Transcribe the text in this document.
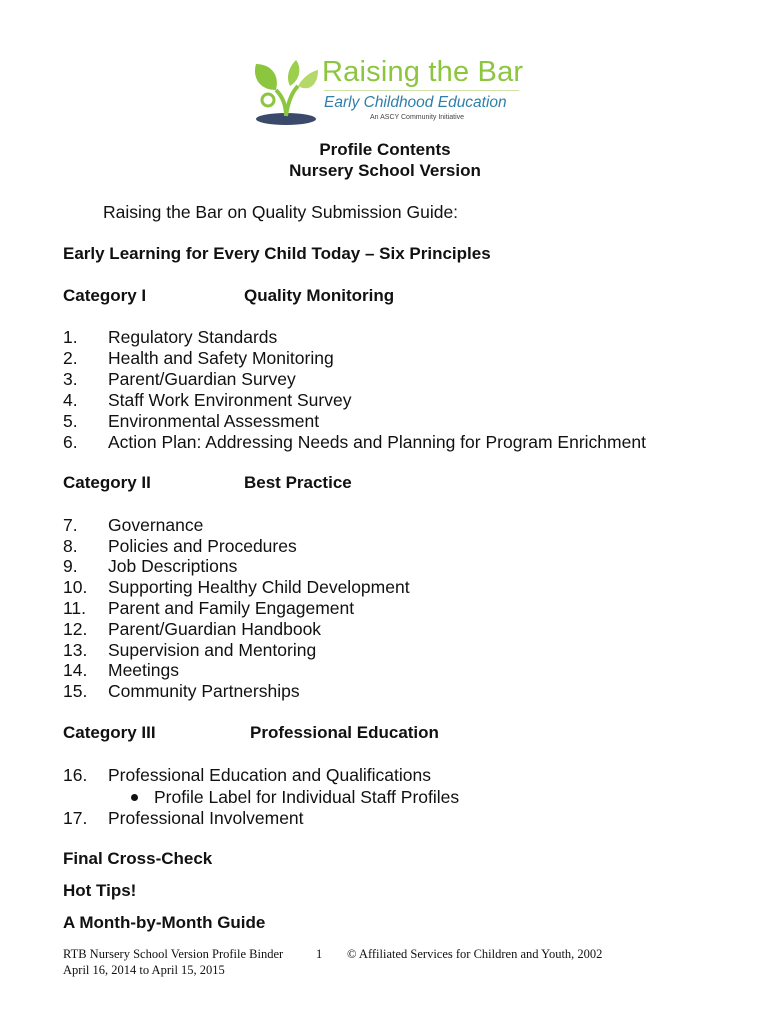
Raising the Bar
Early Childhood Education
An ASCY Community Initiative
Profile Contents
Nursery School Version
Raising the Bar on Quality Submission Guide:
Early Learning for Every Child Today – Six Principles
Category I	Quality Monitoring
1. Regulatory Standards
2. Health and Safety Monitoring
3. Parent/Guardian Survey
4. Staff Work Environment Survey
5. Environmental Assessment
6. Action Plan: Addressing Needs and Planning for Program Enrichment
Category II	Best Practice
7. Governance
8. Policies and Procedures
9. Job Descriptions
10. Supporting Healthy Child Development
11. Parent and Family Engagement
12. Parent/Guardian Handbook
13. Supervision and Mentoring
14. Meetings
15. Community Partnerships
Category III	Professional Education
16. Professional Education and Qualifications
Profile Label for Individual Staff Profiles
17. Professional Involvement
Final Cross-Check
Hot Tips!
A Month-by-Month Guide
RTB Nursery School Version Profile Binder
April 16, 2014 to April 15, 2015
1 © Affiliated Services for Children and Youth, 2002
